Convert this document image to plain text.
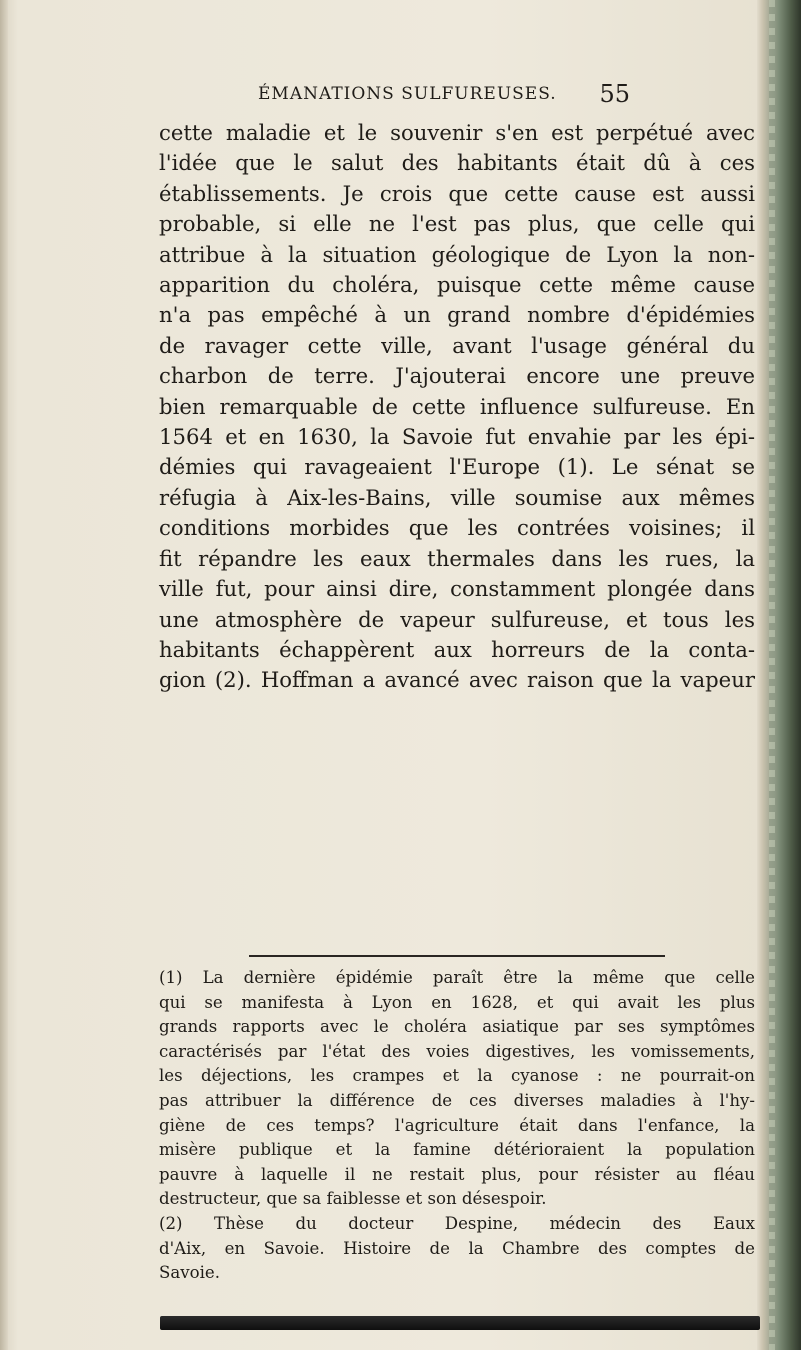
ÉMANATIONS SULFUREUSES. 55
cette maladie et le souvenir s'en est perpétué avec
l'idée que le salut des habitants était dû à ces
établissements. Je crois que cette cause est aussi
probable, si elle ne l'est pas plus, que celle qui
attribue à la situation géologique de Lyon la non-
apparition du choléra, puisque cette même cause
n'a pas empêché à un grand nombre d'épidémies
de ravager cette ville, avant l'usage général du
charbon de terre. J'ajouterai encore une preuve
bien remarquable de cette influence sulfureuse. En
1564 et en 1630, la Savoie fut envahie par les épi-
démies qui ravageaient l'Europe (1). Le sénat se
réfugia à Aix-les-Bains, ville soumise aux mêmes
conditions morbides que les contrées voisines; il
fit répandre les eaux thermales dans les rues, la
ville fut, pour ainsi dire, constamment plongée dans
une atmosphère de vapeur sulfureuse, et tous les
habitants échappèrent aux horreurs de la conta-
gion (2). Hoffman a avancé avec raison que la vapeur
(1) La dernière épidémie paraît être la même que celle
qui se manifesta à Lyon en 1628, et qui avait les plus
grands rapports avec le choléra asiatique par ses symptômes
caractérisés par l'état des voies digestives, les vomissements,
les déjections, les crampes et la cyanose : ne pourrait-on
pas attribuer la différence de ces diverses maladies à l'hy-
giène de ces temps? l'agriculture était dans l'enfance, la
misère publique et la famine détérioraient la population
pauvre à laquelle il ne restait plus, pour résister au fléau
destructeur, que sa faiblesse et son désespoir.
(2) Thèse du docteur Despine, médecin des Eaux
d'Aix, en Savoie. Histoire de la Chambre des comptes de
Savoie.
